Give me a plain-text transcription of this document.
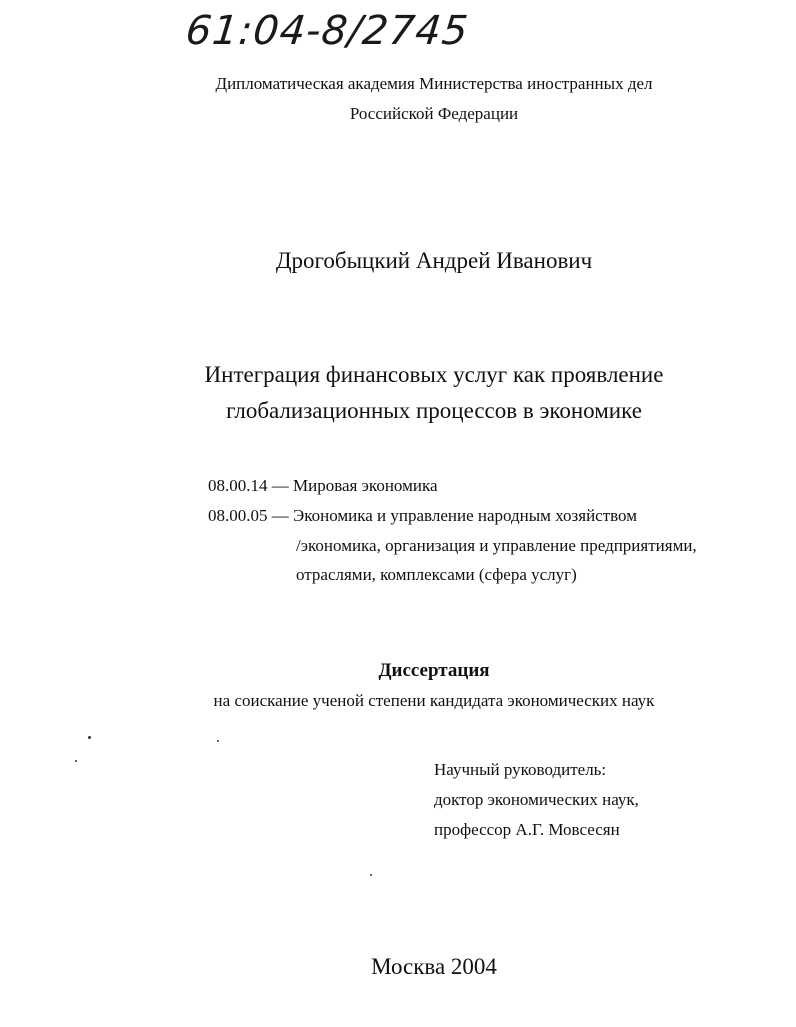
61:04-8/2745
Дипломатическая академия Министерства иностранных дел
Российской Федерации
Дрогобыцкий Андрей Иванович
Интеграция финансовых услуг как проявление
глобализационных процессов в экономике
08.00.14 — Мировая экономика
08.00.05 — Экономика и управление народным хозяйством
/экономика, организация и управление предприятиями,
отраслями, комплексами (сфера услуг)
Диссертация
на соискание ученой степени кандидата экономических наук
Научный руководитель:
доктор экономических наук,
профессор А.Г. Мовсесян
Москва 2004
